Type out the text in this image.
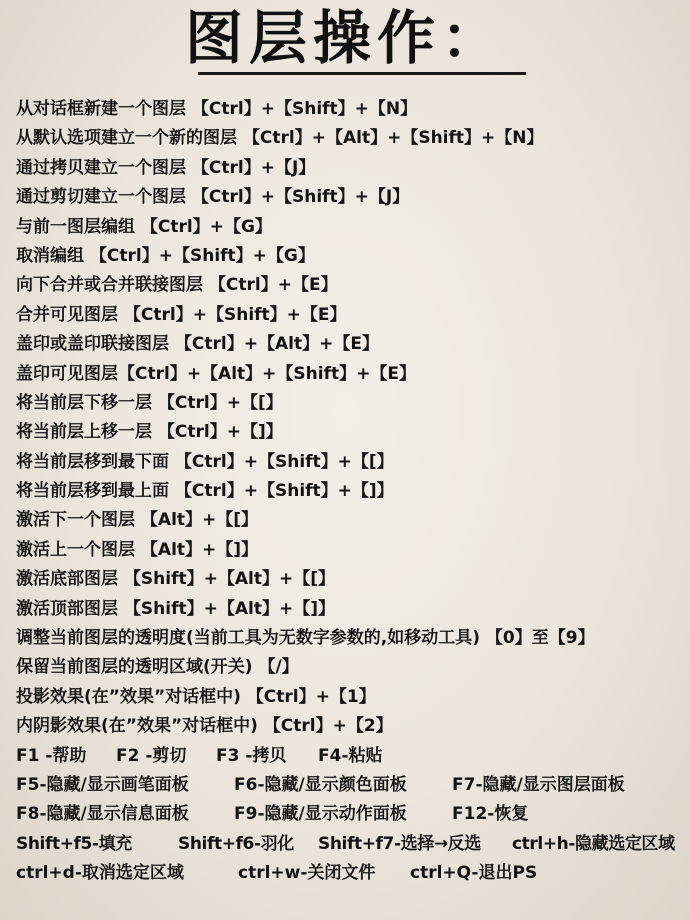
图层操作：
从对话框新建一个图层 【Ctrl】+【Shift】+【N】
从默认选项建立一个新的图层 【Ctrl】+【Alt】+【Shift】+【N】
通过拷贝建立一个图层 【Ctrl】+【J】
通过剪切建立一个图层 【Ctrl】+【Shift】+【J】
与前一图层编组 【Ctrl】+【G】
取消编组 【Ctrl】+【Shift】+【G】
向下合并或合并联接图层 【Ctrl】+【E】
合并可见图层 【Ctrl】+【Shift】+【E】
盖印或盖印联接图层 【Ctrl】+【Alt】+【E】
盖印可见图层【Ctrl】+【Alt】+【Shift】+【E】
将当前层下移一层 【Ctrl】+【[】
将当前层上移一层 【Ctrl】+【]】
将当前层移到最下面 【Ctrl】+【Shift】+【[】
将当前层移到最上面 【Ctrl】+【Shift】+【]】
激活下一个图层 【Alt】+【[】
激活上一个图层 【Alt】+【]】
激活底部图层 【Shift】+【Alt】+【[】
激活顶部图层 【Shift】+【Alt】+【]】
调整当前图层的透明度(当前工具为无数字参数的,如移动工具) 【0】至【9】
保留当前图层的透明区域(开关) 【/】
投影效果(在”效果”对话框中) 【Ctrl】+【1】
内阴影效果(在”效果”对话框中) 【Ctrl】+【2】
F1 -帮助 F2 -剪切 F3 -拷贝 F4-粘贴
F5-隐藏/显示画笔面板	F6-隐藏/显示颜色面板	F7-隐藏/显示图层面板
F8-隐藏/显示信息面板	F9-隐藏/显示动作面板	F12-恢复
Shift+f5-填充	Shift+f6-羽化 Shift+f7-选择→反选 ctrl+h-隐藏选定区域
ctrl+d-取消选定区域	ctrl+w-关闭文件 ctrl+Q-退出PS
